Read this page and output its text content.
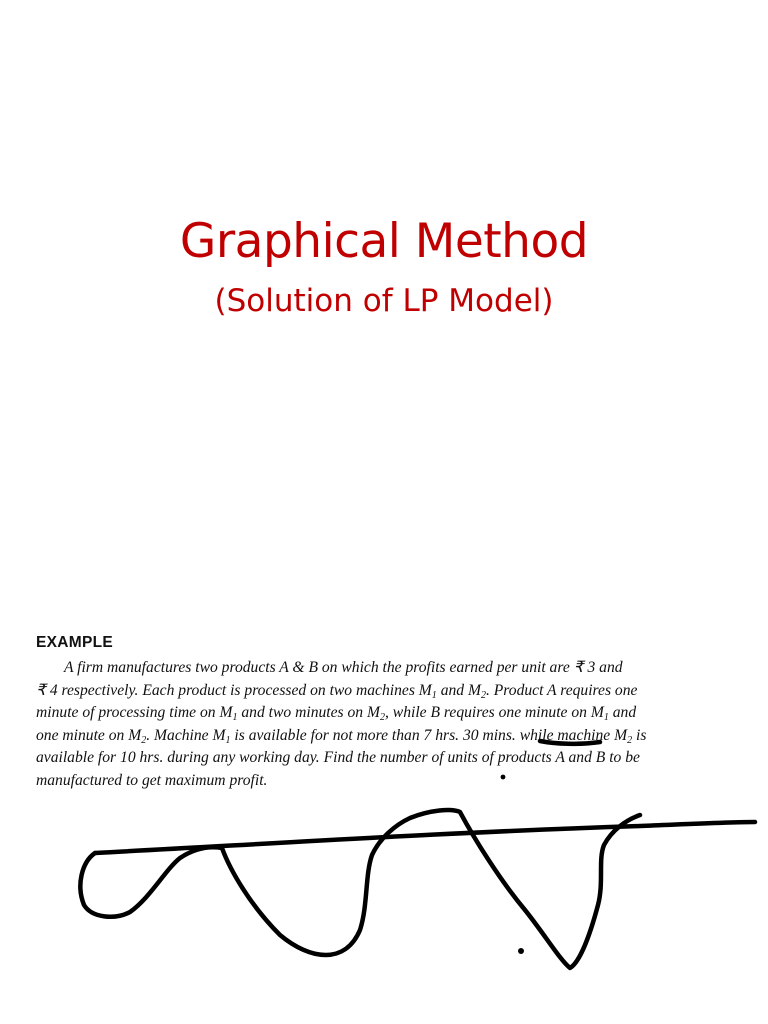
Graphical Method
(Solution of LP Model)
EXAMPLE

A firm manufactures two products A & B on which the profits earned per unit are ₹ 3 and
₹ 4 respectively. Each product is processed on two machines $M_1$ and $M_2$. Product A requires one
minute of processing time on $M_1$ and two minutes on $M_2$, while B requires one minute on $M_1$ and
one minute on $M_2$. Machine $M_1$ is available for not more than 7 hrs. 30 mins. while machine $M_2$ is
available for 10 hrs. during any working day. Find the number of units of products A and B to be
manufactured to get maximum profit.
